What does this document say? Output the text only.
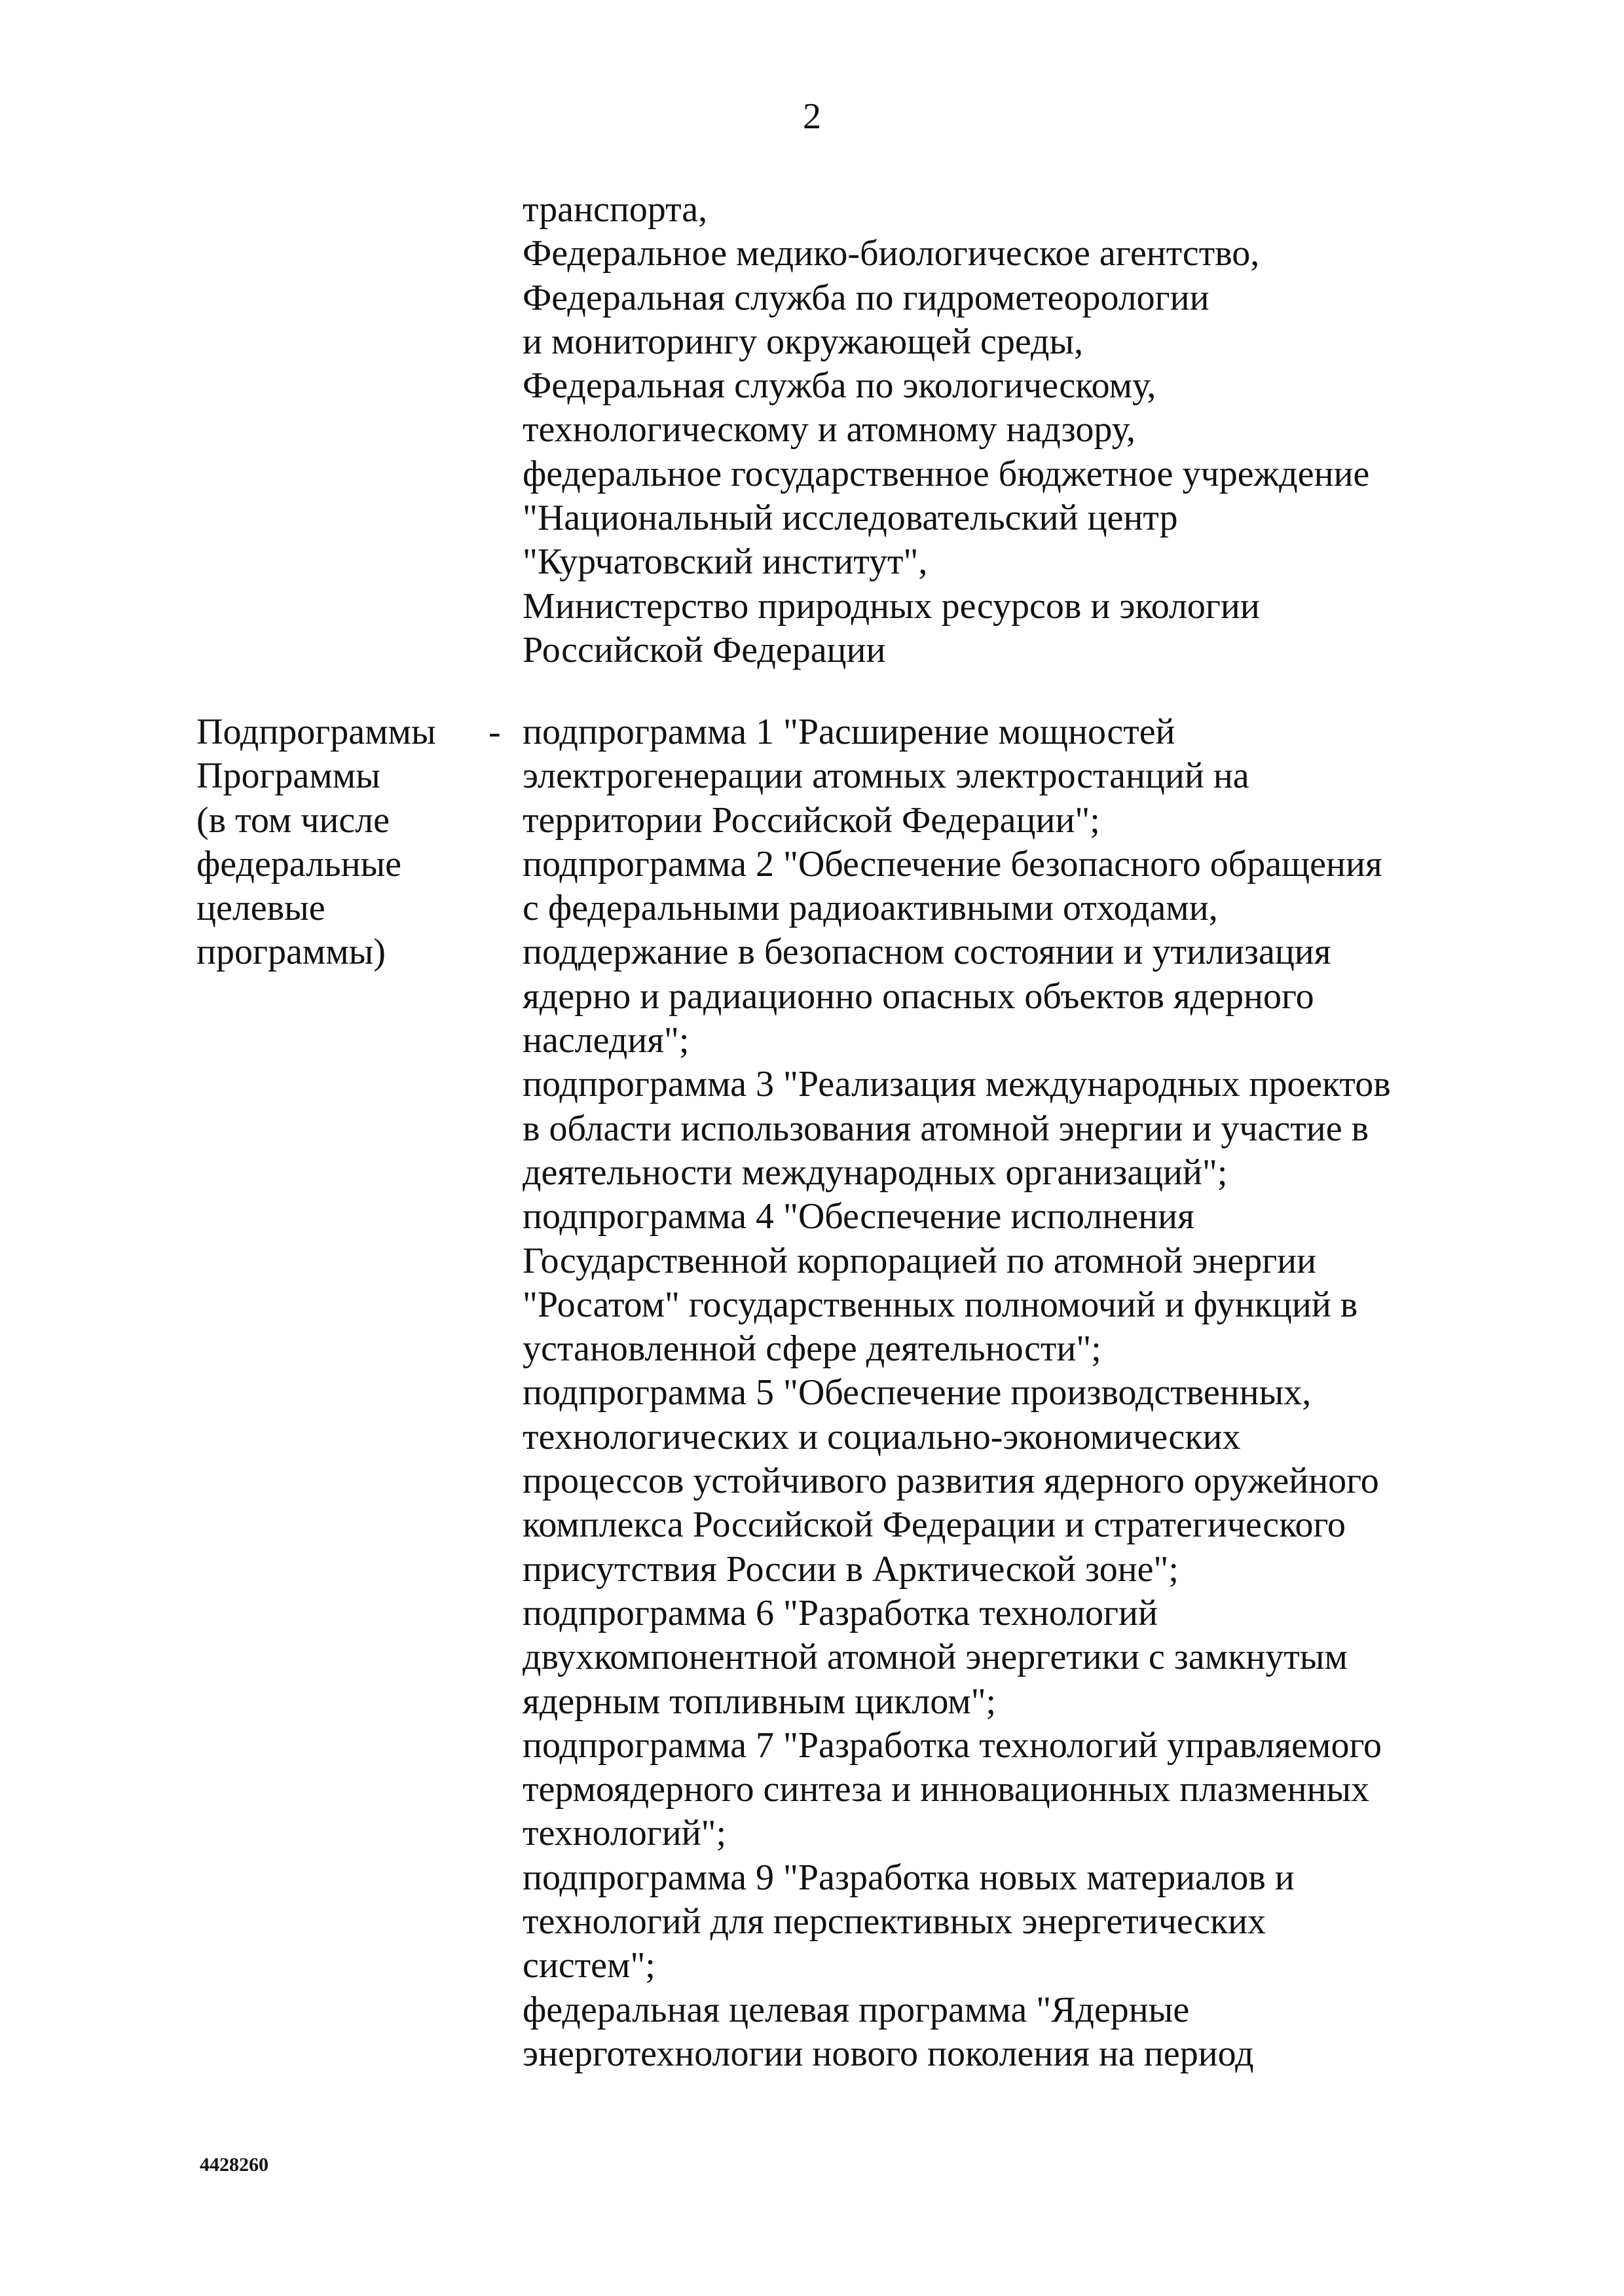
2
транспорта,
Федеральное медико-биологическое агентство,
Федеральная служба по гидрометеорологии
и мониторингу окружающей среды,
Федеральная служба по экологическому,
технологическому и атомному надзору,
федеральное государственное бюджетное учреждение
"Национальный исследовательский центр
"Курчатовский институт",
Министерство природных ресурсов и экологии
Российской Федерации
Подпрограммы
Программы
(в том числе
федеральные
целевые
программы)
- подпрограмма 1 "Расширение мощностей
электрогенерации атомных электростанций на
территории Российской Федерации";
подпрограмма 2 "Обеспечение безопасного обращения
с федеральными радиоактивными отходами,
поддержание в безопасном состоянии и утилизация
ядерно и радиационно опасных объектов ядерного
наследия";
подпрограмма 3 "Реализация международных проектов
в области использования атомной энергии и участие в
деятельности международных организаций";
подпрограмма 4 "Обеспечение исполнения
Государственной корпорацией по атомной энергии
"Росатом" государственных полномочий и функций в
установленной сфере деятельности";
подпрограмма 5 "Обеспечение производственных,
технологических и социально-экономических
процессов устойчивого развития ядерного оружейного
комплекса Российской Федерации и стратегического
присутствия России в Арктической зоне";
подпрограмма 6 "Разработка технологий
двухкомпонентной атомной энергетики с замкнутым
ядерным топливным циклом";
подпрограмма 7 "Разработка технологий управляемого
термоядерного синтеза и инновационных плазменных
технологий";
подпрограмма 9 "Разработка новых материалов и
технологий для перспективных энергетических
систем";
федеральная целевая программа "Ядерные
энерготехнологии нового поколения на период
4428260
